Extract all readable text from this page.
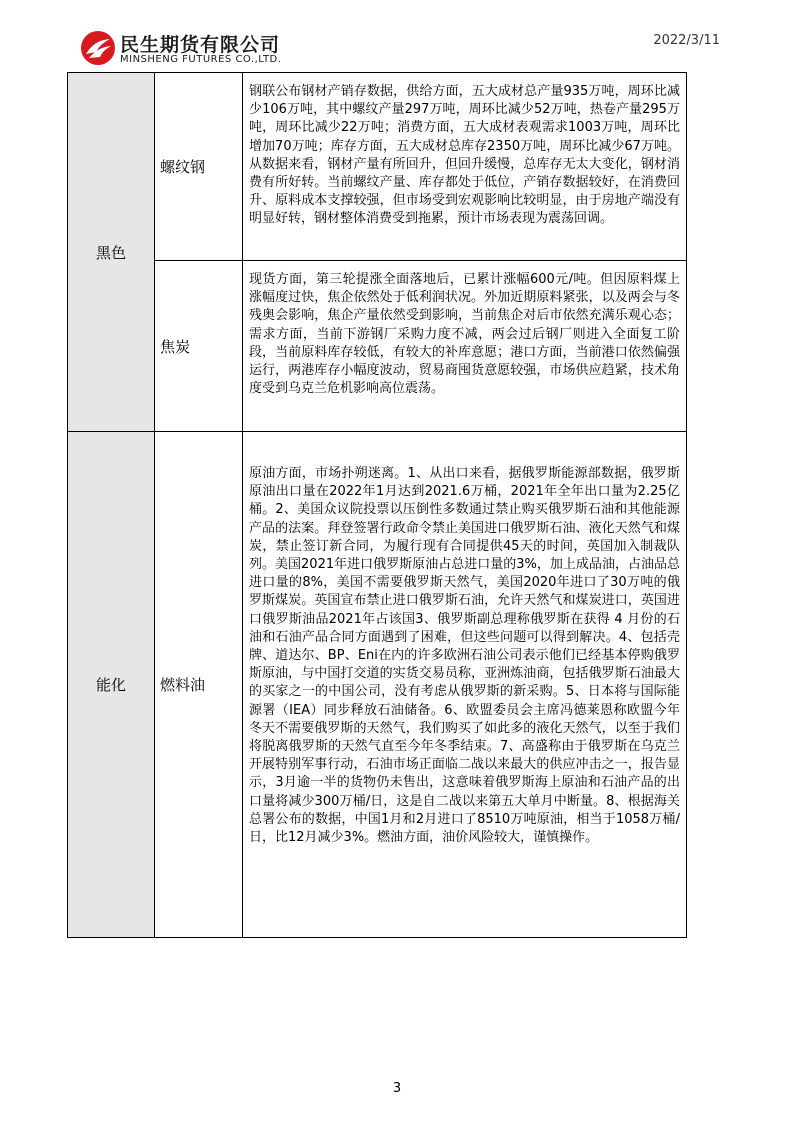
民生期货有限公司
MINSHENG FUTURES CO.,LTD.
2022/3/11
黑色
螺纹钢
钢联公布钢材产销存数据，供给方面，五大成材总产量935万吨，周环比减少106万吨，其中螺纹产量297万吨，周环比减少52万吨，热卷产量295万吨，周环比减少22万吨；消费方面，五大成材表观需求1003万吨，周环比增加70万吨；库存方面，五大成材总库存2350万吨，周环比减少67万吨。从数据来看，钢材产量有所回升，但回升缓慢，总库存无太大变化，钢材消费有所好转。当前螺纹产量、库存都处于低位，产销存数据较好，在消费回升、原料成本支撑较强，但市场受到宏观影响比较明显，由于房地产端没有明显好转，钢材整体消费受到拖累，预计市场表现为震荡回调。
焦炭
现货方面，第三轮提涨全面落地后，已累计涨幅600元/吨。但因原料煤上涨幅度过快，焦企依然处于低利润状况。外加近期原料紧张，以及两会与冬残奥会影响，焦企产量依然受到影响，当前焦企对后市依然充满乐观心态；需求方面，当前下游钢厂采购力度不减，两会过后钢厂则进入全面复工阶段，当前原料库存较低，有较大的补库意愿；港口方面，当前港口依然偏强运行，两港库存小幅度波动，贸易商囤货意愿较强，市场供应趋紧，技术角度受到乌克兰危机影响高位震荡。
能化 燃料油
原油方面，市场扑朔迷离。1、从出口来看，据俄罗斯能源部数据，俄罗斯原油出口量在2022年1月达到2021.6万桶，2021年全年出口量为2.25亿桶。2、美国众议院投票以压倒性多数通过禁止购买俄罗斯石油和其他能源产品的法案。拜登签署行政命令禁止美国进口俄罗斯石油、液化天然气和煤炭，禁止签订新合同，为履行现有合同提供45天的时间，英国加入制裁队列。美国2021年进口俄罗斯原油占总进口量的3%，加上成品油，占油品总进口量的8%，美国不需要俄罗斯天然气，美国2020年进口了30万吨的俄罗斯煤炭。英国宣布禁止进口俄罗斯石油，允许天然气和煤炭进口，英国进口俄罗斯油品2021年占该国3、俄罗斯副总理称俄罗斯在获得 4 月份的石油和石油产品合同方面遇到了困难，但这些问题可以得到解决。4、包括壳牌、道达尔、BP、Eni在内的许多欧洲石油公司表示他们已经基本停购俄罗斯原油，与中国打交道的实货交易员称，亚洲炼油商，包括俄罗斯石油最大的买家之一的中国公司，没有考虑从俄罗斯的新采购。5、日本将与国际能源署（IEA）同步释放石油储备。6、欧盟委员会主席冯德莱恩称欧盟今年冬天不需要俄罗斯的天然气，我们购买了如此多的液化天然气，以至于我们将脱离俄罗斯的天然气直至今年冬季结束。7、高盛称由于俄罗斯在乌克兰开展特别军事行动，石油市场正面临二战以来最大的供应冲击之一，报告显示，3月逾一半的货物仍未售出，这意味着俄罗斯海上原油和石油产品的出口量将减少300万桶/日，这是自二战以来第五大单月中断量。8、根据海关总署公布的数据，中国1月和2月进口了8510万吨原油，相当于1058万桶/日，比12月减少3%。燃油方面，油价风险较大，谨慎操作。
3
